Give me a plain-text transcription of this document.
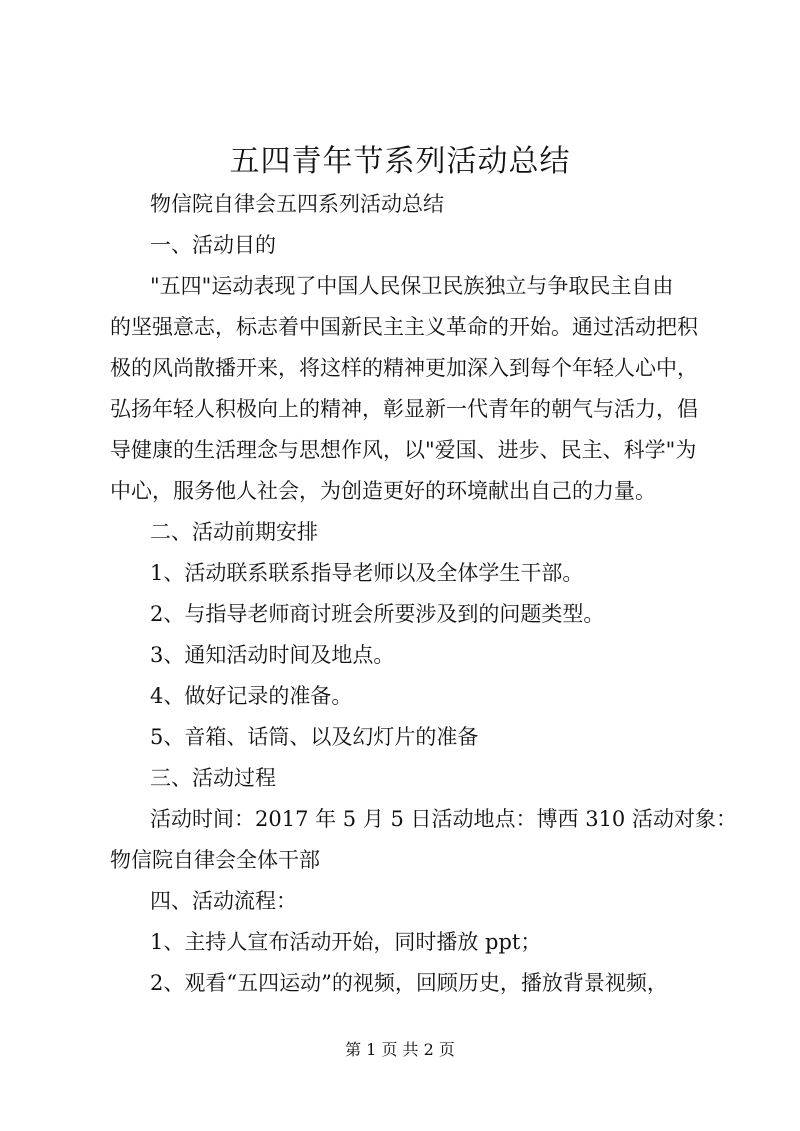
五四青年节系列活动总结

物信院自律会五四系列活动总结

一、活动目的

"五四"运动表现了中国人民保卫民族独立与争取民主自由

的坚强意志，标志着中国新民主主义革命的开始。通过活动把积

极的风尚散播开来，将这样的精神更加深入到每个年轻人心中，

弘扬年轻人积极向上的精神，彰显新一代青年的朝气与活力，倡

导健康的生活理念与思想作风，以"爱国、进步、民主、科学"为

中心，服务他人社会，为创造更好的环境献出自己的力量。

二、活动前期安排

1、活动联系联系指导老师以及全体学生干部。

2、与指导老师商讨班会所要涉及到的问题类型。

3、通知活动时间及地点。

4、做好记录的准备。

5、音箱、话筒、以及幻灯片的准备

三、活动过程

活动时间：2017 年 5 月 5 日活动地点：博西 310 活动对象：

物信院自律会全体干部

四、活动流程：

1、主持人宣布活动开始，同时播放 ppt；

2、观看“五四运动”的视频，回顾历史，播放背景视频，

第 1 页 共 2 页
